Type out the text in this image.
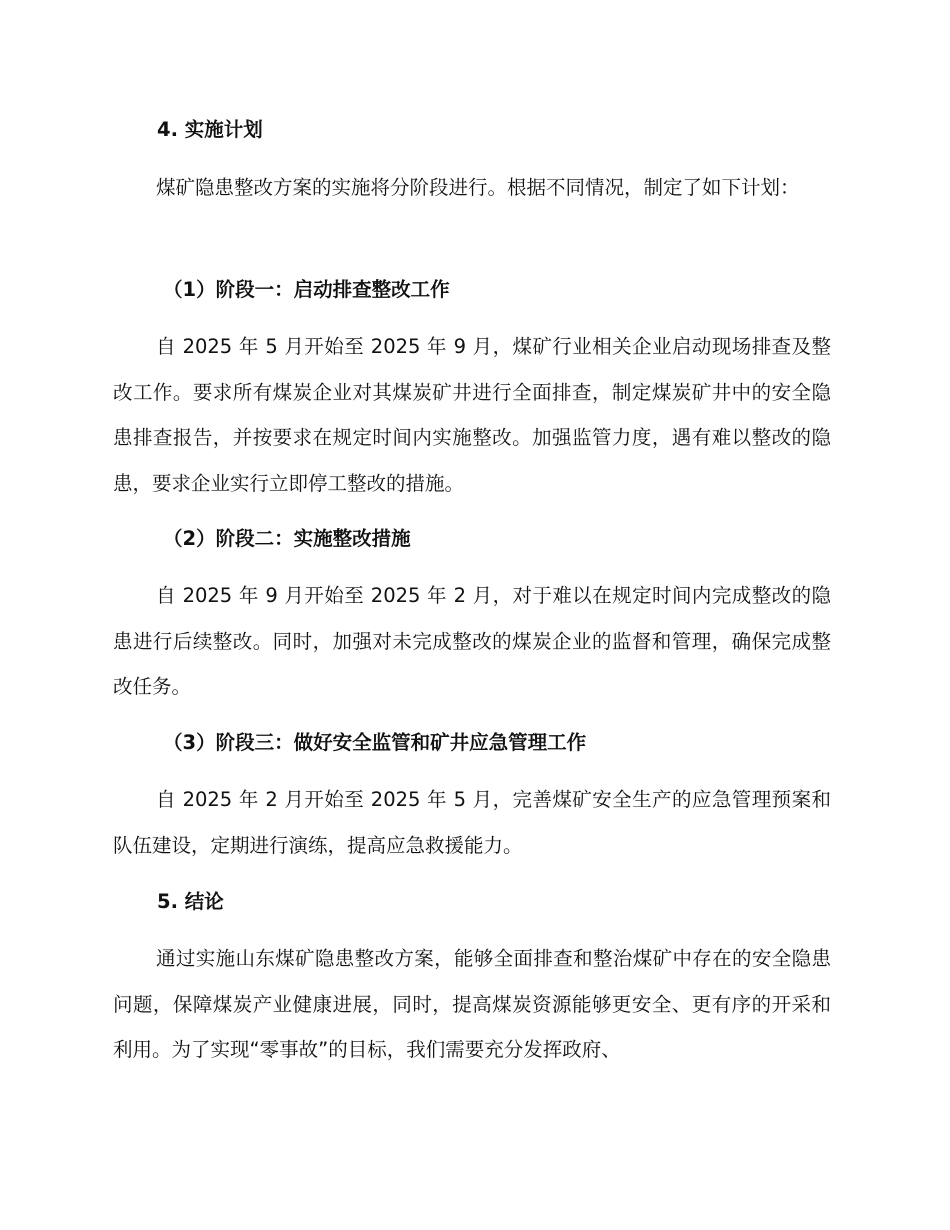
4. 实施计划

煤矿隐患整改方案的实施将分阶段进行。根据不同情况，制定了如下计划：

（1）阶段一：启动排查整改工作

自 2025 年 5 月开始至 2025 年 9 月，煤矿行业相关企业启动现场排查及整改工作。要求所有煤炭企业对其煤炭矿井进行全面排查，制定煤炭矿井中的安全隐患排查报告，并按要求在规定时间内实施整改。加强监管力度，遇有难以整改的隐患，要求企业实行立即停工整改的措施。

（2）阶段二：实施整改措施

自 2025 年 9 月开始至 2025 年 2 月，对于难以在规定时间内完成整改的隐患进行后续整改。同时，加强对未完成整改的煤炭企业的监督和管理，确保完成整改任务。

（3）阶段三：做好安全监管和矿井应急管理工作

自 2025 年 2 月开始至 2025 年 5 月，完善煤矿安全生产的应急管理预案和队伍建设，定期进行演练，提高应急救援能力。

5. 结论

通过实施山东煤矿隐患整改方案，能够全面排查和整治煤矿中存在的安全隐患问题，保障煤炭产业健康进展，同时，提高煤炭资源能够更安全、更有序的开采和利用。为了实现“零事故”的目标，我们需要充分发挥政府、
